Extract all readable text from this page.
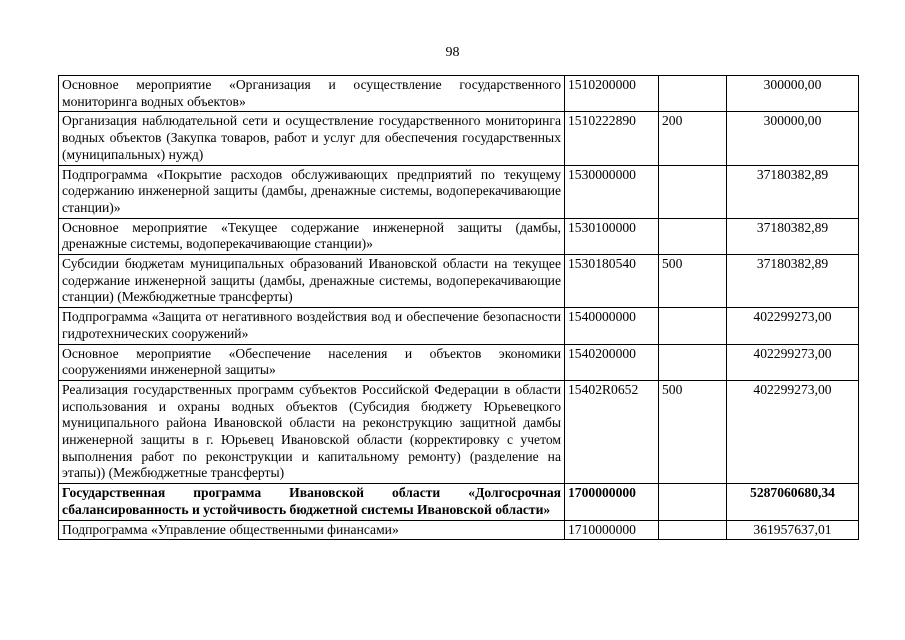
98
Основное мероприятие «Организация и осуществление государственного мониторинга водных объектов»	1510200000		300000,00
Организация наблюдательной сети и осуществление государственного мониторинга водных объектов (Закупка товаров, работ и услуг для обеспечения государственных (муниципальных) нужд)	1510222890	200	300000,00
Подпрограмма «Покрытие расходов обслуживающих предприятий по текущему содержанию инженерной защиты (дамбы, дренажные системы, водоперекачивающие станции)»	1530000000		37180382,89
Основное мероприятие «Текущее содержание инженерной защиты (дамбы, дренажные системы, водоперекачивающие станции)»	1530100000		37180382,89
Субсидии бюджетам муниципальных образований Ивановской области на текущее содержание инженерной защиты (дамбы, дренажные системы, водоперекачивающие станции) (Межбюджетные трансферты)	1530180540	500	37180382,89
Подпрограмма «Защита от негативного воздействия вод и обеспечение безопасности гидротехнических сооружений»	1540000000		402299273,00
Основное мероприятие «Обеспечение населения и объектов экономики сооружениями инженерной защиты»	1540200000		402299273,00
Реализация государственных программ субъектов Российской Федерации в области использования и охраны водных объектов (Субсидия бюджету Юрьевецкого муниципального района Ивановской области на реконструкцию защитной дамбы инженерной защиты в г. Юрьевец Ивановской области (корректировку с учетом выполнения работ по реконструкции и капитальному ремонту) (разделение на этапы)) (Межбюджетные трансферты)	15402R0652	500	402299273,00
Государственная программа Ивановской области «Долгосрочная сбалансированность и устойчивость бюджетной системы Ивановской области»	1700000000		5287060680,34
Подпрограмма «Управление общественными финансами»	1710000000		361957637,01
